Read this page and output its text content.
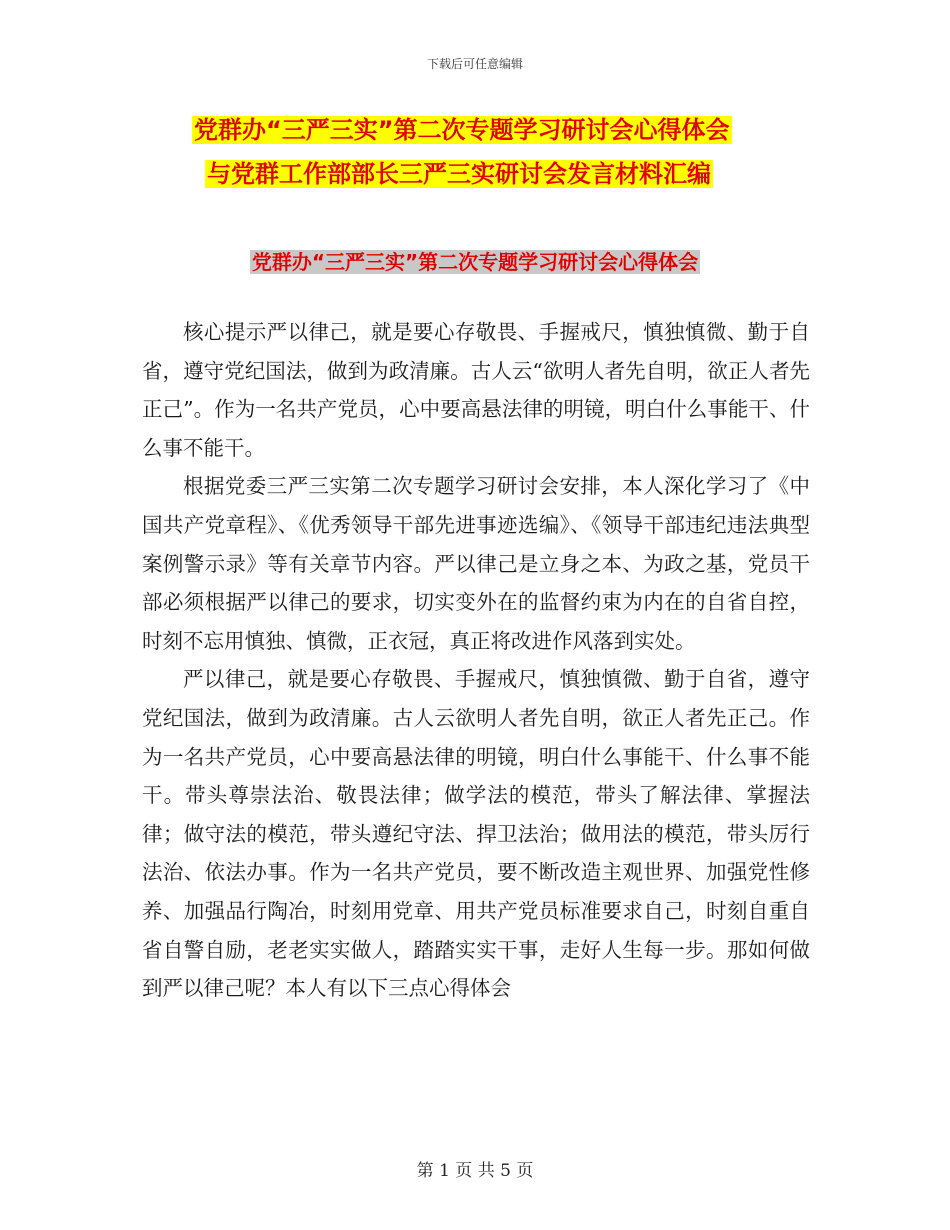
下载后可任意编辑
党群办“三严三实”第二次专题学习研讨会心得体会
与党群工作部部长三严三实研讨会发言材料汇编
党群办“三严三实”第二次专题学习研讨会心得体会

核心提示严以律己，就是要心存敬畏、手握戒尺，慎独慎微、勤于自省，遵守党纪国法，做到为政清廉。古人云“欲明人者先自明，欲正人者先正己”。作为一名共产党员，心中要高悬法律的明镜，明白什么事能干、什么事不能干。

根据党委三严三实第二次专题学习研讨会安排，本人深化学习了《中国共产党章程》、《优秀领导干部先进事迹选编》、《领导干部违纪违法典型案例警示录》等有关章节内容。严以律己是立身之本、为政之基，党员干部必须根据严以律己的要求，切实变外在的监督约束为内在的自省自控，时刻不忘用慎独、慎微，正衣冠，真正将改进作风落到实处。

严以律己，就是要心存敬畏、手握戒尺，慎独慎微、勤于自省，遵守党纪国法，做到为政清廉。古人云欲明人者先自明，欲正人者先正己。作为一名共产党员，心中要高悬法律的明镜，明白什么事能干、什么事不能干。带头尊崇法治、敬畏法律；做学法的模范，带头了解法律、掌握法律；做守法的模范，带头遵纪守法、捍卫法治；做用法的模范，带头厉行法治、依法办事。作为一名共产党员，要不断改造主观世界、加强党性修养、加强品行陶冶，时刻用党章、用共产党员标准要求自己，时刻自重自省自警自励，老老实实做人，踏踏实实干事，走好人生每一步。那如何做到严以律己呢？本人有以下三点心得体会

第 1 页 共 5 页
